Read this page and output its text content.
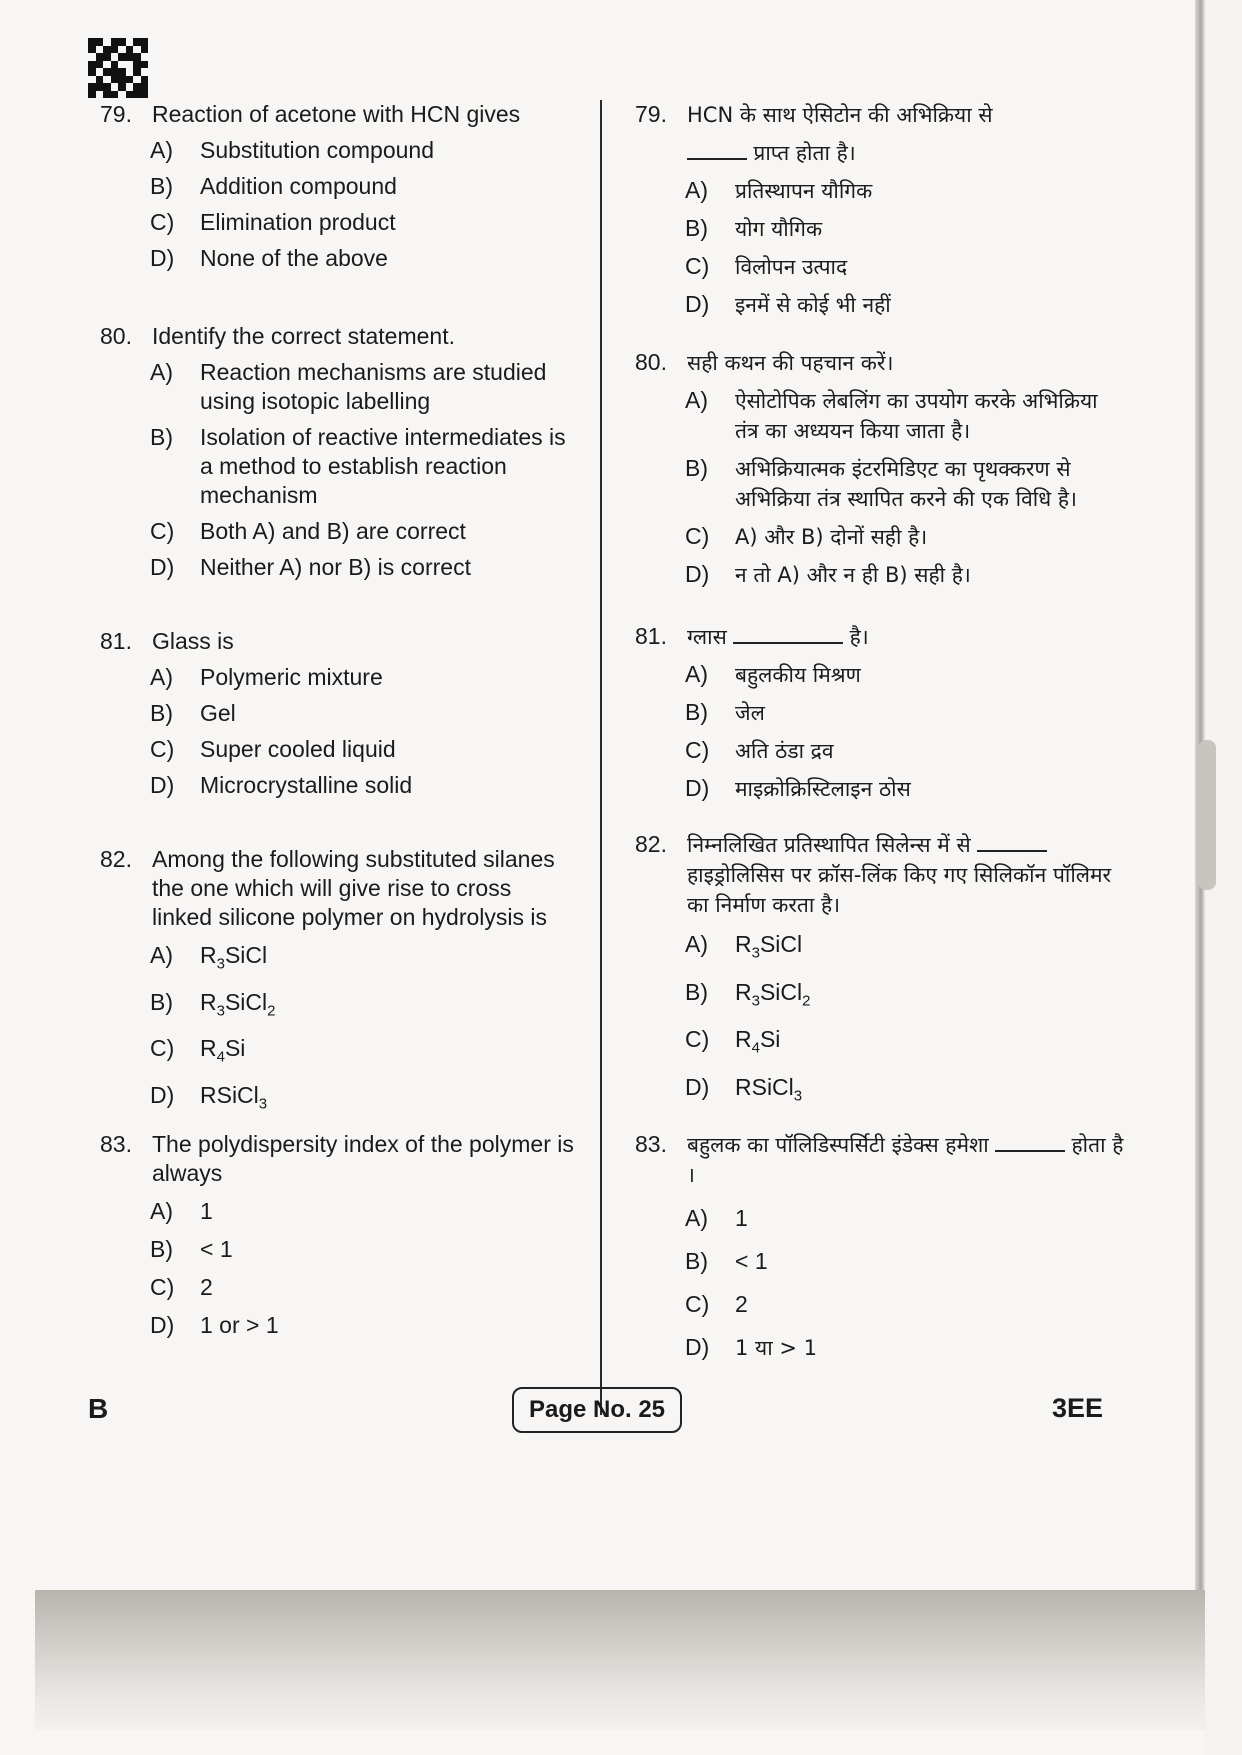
79. Reaction of acetone with HCN gives
A) Substitution compound
B) Addition compound
C) Elimination product
D) None of the above
80. Identify the correct statement.
A) Reaction mechanisms are studied using isotopic labelling
B) Isolation of reactive intermediates is a method to establish reaction mechanism
C) Both A) and B) are correct
D) Neither A) nor B) is correct
81. Glass is
A) Polymeric mixture
B) Gel
C) Super cooled liquid
D) Microcrystalline solid
82. Among the following substituted silanes the one which will give rise to cross linked silicone polymer on hydrolysis is
A) $R_3SiCl$
B) $R_3SiCl_2$
C) $R_4Si$
D) RSiCl$_3$
83. The polydispersity index of the polymer is always
A) 1
B) < 1
C) 2
D) 1 or > 1
79. HCN के साथ ऐसिटोन की अभिक्रिया से
प्राप्त होता है।
A) प्रतिस्थापन यौगिक
B) योग यौगिक
C) विलोपन उत्पाद
D) इनमें से कोई भी नहीं
80. सही कथन की पहचान करें।
A) ऐसोटोपिक लेबलिंग का उपयोग करके अभिक्रिया तंत्र का अध्ययन किया जाता है।
B) अभिक्रियात्मक इंटरमिडिएट का पृथक्करण से अभिक्रिया तंत्र स्थापित करने की एक विधि है।
C) A) और B) दोनों सही है।
D) न तो A) और न ही B) सही है।
81. ग्लास	है।
A) बहुलकीय मिश्रण
B) जेल
C) अति ठंडा द्रव
D) माइक्रोक्रिस्टिलाइन ठोस
82. निम्नलिखित प्रतिस्थापित सिलेन्स में से  हाइड्रोलिसिस पर क्रॉस-लिंक किए गए सिलिकॉन पॉलिमर का निर्माण करता है।
A) $R_3SiCl$
B) $R_3SiCl_2$
C) $R_4Si$
D) RSiCl$_3$
83. बहुलक का पॉलिडिस्पर्सिटी इंडेक्स हमेशा	होता है ।
A) 1
B) < 1
C) 2
D) 1 या > 1
B	Page No. 25	3EE
